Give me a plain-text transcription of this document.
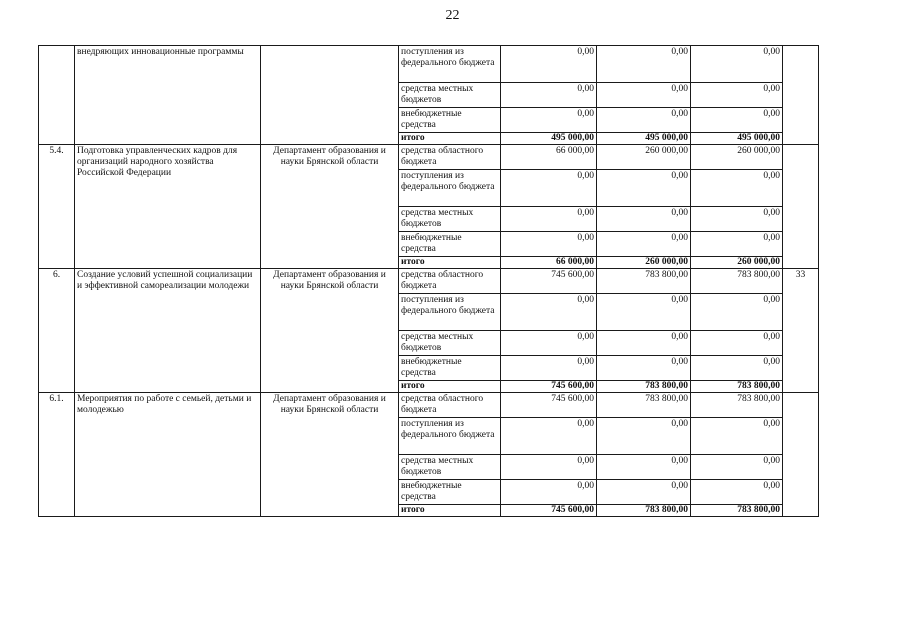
22
	внедряющих инновационные программы		поступления из федерального бюджета	0,00	0,00	0,00	
			средства местных бюджетов	0,00	0,00	0,00	
			внебюджетные средства	0,00	0,00	0,00	
			итого	495 000,00	495 000,00	495 000,00	
5.4.	Подготовка управленческих кадров для организаций народного хозяйства Российской Федерации	Департамент образования и науки Брянской области	средства областного бюджета	66 000,00	260 000,00	260 000,00	
			поступления из федерального бюджета	0,00	0,00	0,00	
			средства местных бюджетов	0,00	0,00	0,00	
			внебюджетные средства	0,00	0,00	0,00	
			итого	66 000,00	260 000,00	260 000,00	
6.	Создание условий успешной социализации и эффективной самореализации молодежи	Департамент образования и науки Брянской области	средства областного бюджета	745 600,00	783 800,00	783 800,00	33
			поступления из федерального бюджета	0,00	0,00	0,00	
			средства местных бюджетов	0,00	0,00	0,00	
			внебюджетные средства	0,00	0,00	0,00	
			итого	745 600,00	783 800,00	783 800,00	
6.1.	Мероприятия по работе с семьей, детьми и молодежью	Департамент образования и науки Брянской области	средства областного бюджета	745 600,00	783 800,00	783 800,00	
			поступления из федерального бюджета	0,00	0,00	0,00	
			средства местных бюджетов	0,00	0,00	0,00	
			внебюджетные средства	0,00	0,00	0,00	
			итого	745 600,00	783 800,00	783 800,00	
